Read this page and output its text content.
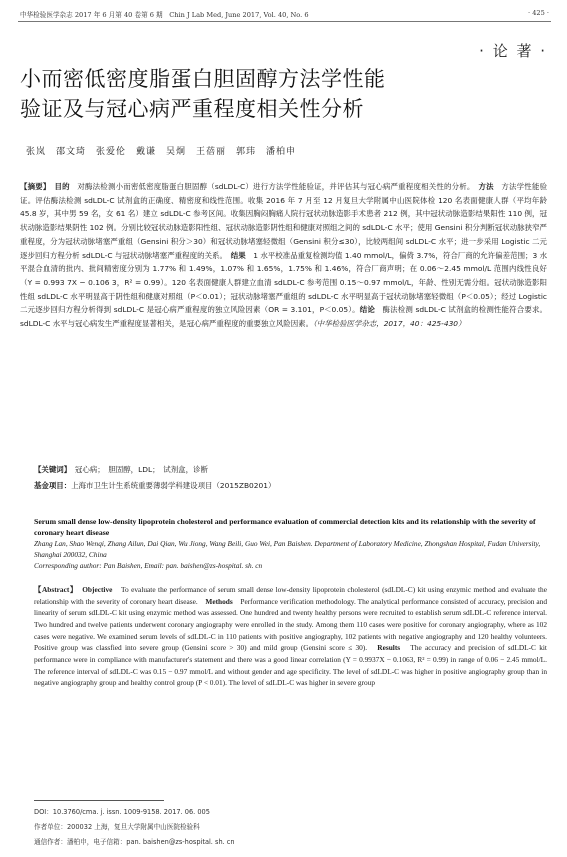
中华检验医学杂志 2017 年 6 月第 40 卷第 6 期　Chin J Lab Med, June 2017, Vol. 40, No. 6	· 425 ·
· 论 著 ·
小而密低密度脂蛋白胆固醇方法学性能
验证及与冠心病严重程度相关性分析
张岚　邵文琦　张爱伦　戴谦　吴炯　王蓓丽　郭玮　潘柏申
【摘要】　 目的　 对酶法检测小而密低密度脂蛋白胆固醇（sdLDL-C）进行方法学性能验证，并评估其与冠心病严重程度相关性的分析。　 方法　 方法学性能验证。评估酶法检测 sdLDL-C 试剂盒的正确度、精密度和线性范围。收集 2016 年 7 月至 12 月复旦大学附属中山医院体检 120 名表面健康人群（平均年龄 45.8 岁，其中男 59 名，女 61 名）建立 sdLDL-C 参考区间。收集因胸闷胸痛人院行冠状动脉造影手术患者 212 例，其中冠状动脉造影结果阳性 110 例，冠状动脉造影结果阴性 102 例。分别比较冠状动脉造影阳性组、冠状动脉造影阴性组和健康对照组之间的 sdLDL-C 水平；使用 Gensini 积分判断冠状动脉狭窄严重程度，分为冠状动脉堵塞严重组（Gensini 积分＞30）和冠状动脉堵塞轻微组（Gensini 积分≤30），比较两组间 sdLDL-C 水平；进一步采用 Logistic 二元逐步回归方程分析 sdLDL-C 与冠状动脉堵塞严重程度的关系。　 结果　 1 水平校准品重复检测均值 1.40 mmol/L，偏倚 3.7%，符合厂商的允许偏差范围；3 水平混合血清的批内、批间精密度分别为 1.77% 和 1.49%，1.07% 和 1.65%，1.75% 和 1.46%，符合厂商声明；在 0.06～2.45 mmol/L 范围内线性良好（Y = 0.993 7X − 0.106 3，R² = 0.99）。120 名表面健康人群建立血清 sdLDL-C 参考范围 0.15～0.97 mmol/L，年龄、性别无需分组。冠状动脉造影阳性组 sdLDL-C 水平明显高于阴性组和健康对照组（P＜0.01）；冠状动脉堵塞严重组的 sdLDL-C 水平明显高于冠状动脉堵塞轻微组（P＜0.05）；经过 Logistic 二元逐步回归方程分析得到 sdLDL-C 是冠心病严重程度的独立风险因素（OR = 3.101，P＜0.05）。结论　 酶法检测 sdLDL-C 试剂盒的检测性能符合要求。sdLDL-C 水平与冠心病发生严重程度显著相关，是冠心病严重程度的重要独立风险因素。（中华检验医学杂志，2017，40：425-430）
【关键词】　 冠心病；　胆固醇，LDL；　试剂盒，诊断
基金项目：上海市卫生计生系统重要薄弱学科建设项目（2015ZB0201）
Serum small dense low-density lipoprotein cholesterol and performance evaluation of commercial detection kits and its relationship with the severity of coronary heart disease
Zhang Lan, Shao Wenqi, Zhang Ailun, Dai Qian, Wu Jiong, Wang Beili, Guo Wei, Pan Baishen. Department of Laboratory Medicine, Zhongshan Hospital, Fudan University, Shanghai 200032, China
Corresponding author: Pan Baishen, Email: pan. baishen@zs-hospital. sh. cn
【Abstract】　 Objective　 To evaluate the performance of serum small dense low-density lipoprotein cholesterol (sdLDL-C) kit using enzymic method and evaluate the relationship with the severity of coronary heart disease.　 Methods　 Performance verification methodology. The analytical performance consisted of accuracy, precision and linearity of serum sdLDL-C kit using enzymic method was assessed. One hundred and twenty healthy persons were recruited to establish serum sdLDL-C reference interval. Two hundred and twelve patients underwent coronary angiography were enrolled in the study. Among them 110 cases were positive for coronary angiography, where as 102 cases were negative. We examined serum levels of sdLDL-C in 110 patients with positive angiography, 102 patients with negative angiography and 120 healthy volunteers. Positive group was classfied into severe group (Gensini score > 30) and mild group (Gensini score ≤ 30).　 Results　 The accuracy and precision of sdLDL-C kit performance were in compliance with manufacturer's statement and there was a good linear correlation (Y = 0.9937X − 0.1063, R² = 0.99) in range of 0.06 − 2.45 mmol/L. The reference interval of sdLDL-C was 0.15 − 0.97 mmol/L and without gender and age specificity. The level of sdLDL-C was higher in positive angiography group than in negative angiography group and healthy control group (P < 0.01). The level of sdLDL-C was higher in severe group
DOI：10.3760/cma. j. issn. 1009-9158. 2017. 06. 005
作者单位：200032 上海，复旦大学附属中山医院检验科
通信作者：潘柏申，电子信箱：pan. baishen@zs-hospital. sh. cn
